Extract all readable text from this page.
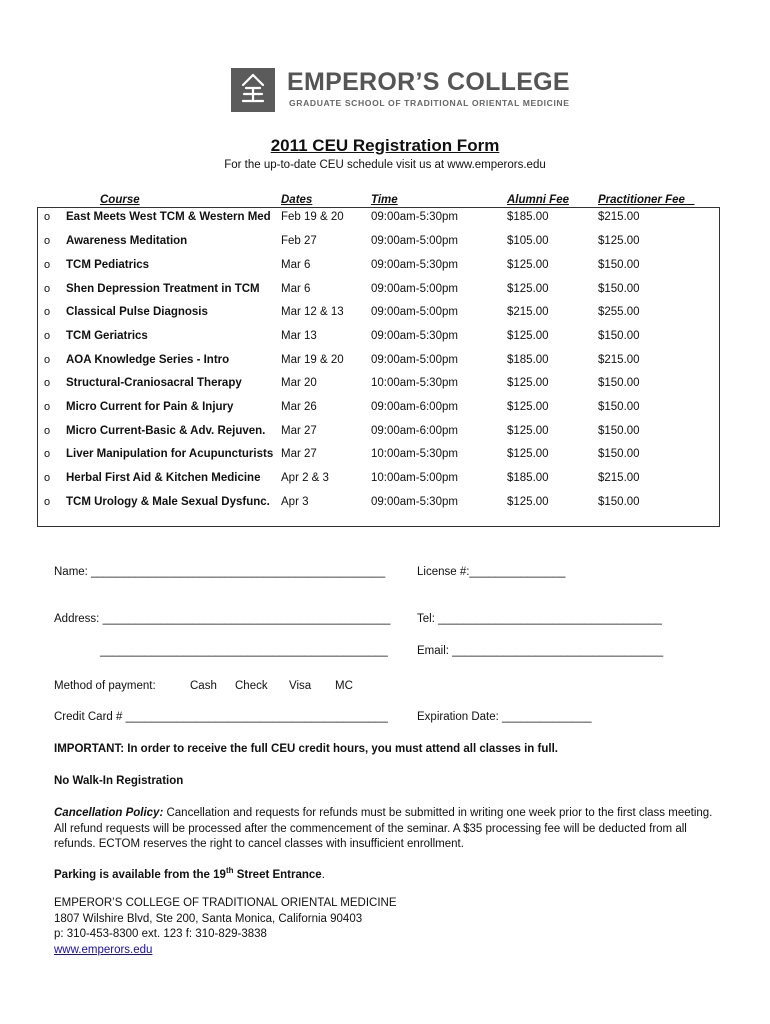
EMPEROR’S COLLEGE
GRADUATE SCHOOL OF TRADITIONAL ORIENTAL MEDICINE
2011 CEU Registration Form
For the up-to-date CEU schedule visit us at www.emperors.edu
Course	Dates	Time	Alumni Fee	Practitioner Fee _
o East Meets West TCM & Western Med Feb 19 & 20 09:00am-5:30pm	$185.00	$215.00
o Awareness Meditation	Feb 27	09:00am-5:00pm	$105.00	$125.00
o TCM Pediatrics	Mar 6	09:00am-5:30pm	$125.00	$150.00
o Shen Depression Treatment in TCM Mar 6	09:00am-5:00pm	$125.00	$150.00
o Classical Pulse Diagnosis	Mar 12 & 13 09:00am-5:00pm	$215.00	$255.00
o TCM Geriatrics	Mar 13	09:00am-5:30pm	$125.00	$150.00
o AOA Knowledge Series - Intro	Mar 19 & 20 09:00am-5:00pm	$185.00	$215.00
o Structural-Craniosacral Therapy	Mar 20	10:00am-5:30pm	$125.00	$150.00
o Micro Current for Pain & Injury	Mar 26	09:00am-6:00pm	$125.00	$150.00
o Micro Current-Basic & Adv. Rejuven. Mar 27	09:00am-6:00pm	$125.00	$150.00
o Liver Manipulation for Acupuncturists Mar 27	10:00am-5:30pm	$125.00	$150.00
o Herbal First Aid & Kitchen Medicine Apr 2 & 3	10:00am-5:00pm	$185.00	$215.00
o TCM Urology & Male Sexual Dysfunc. Apr 3	09:00am-5:30pm	$125.00	$150.00
Name: ______________________________________________	License #:_______________
Address: _____________________________________________ Tel: ___________________________________
_____________________________________________	Email: _________________________________
Method of payment:	Cash Check Visa MC
Credit Card # _________________________________________	Expiration Date: ______________
IMPORTANT: In order to receive the full CEU credit hours, you must attend all classes in full.
No Walk-In Registration
Cancellation Policy: Cancellation and requests for refunds must be submitted in writing one week prior to the first class meeting. All refund requests will be processed after the commencement of the seminar. A $35 processing fee will be deducted from all refunds. ECTOM reserves the right to cancel classes with insufficient enrollment.
Parking is available from the 19th Street Entrance.
EMPEROR’S COLLEGE OF TRADITIONAL ORIENTAL MEDICINE
1807 Wilshire Blvd, Ste 200, Santa Monica, California 90403
p: 310-453-8300 ext. 123 f: 310-829-3838
www.emperors.edu
